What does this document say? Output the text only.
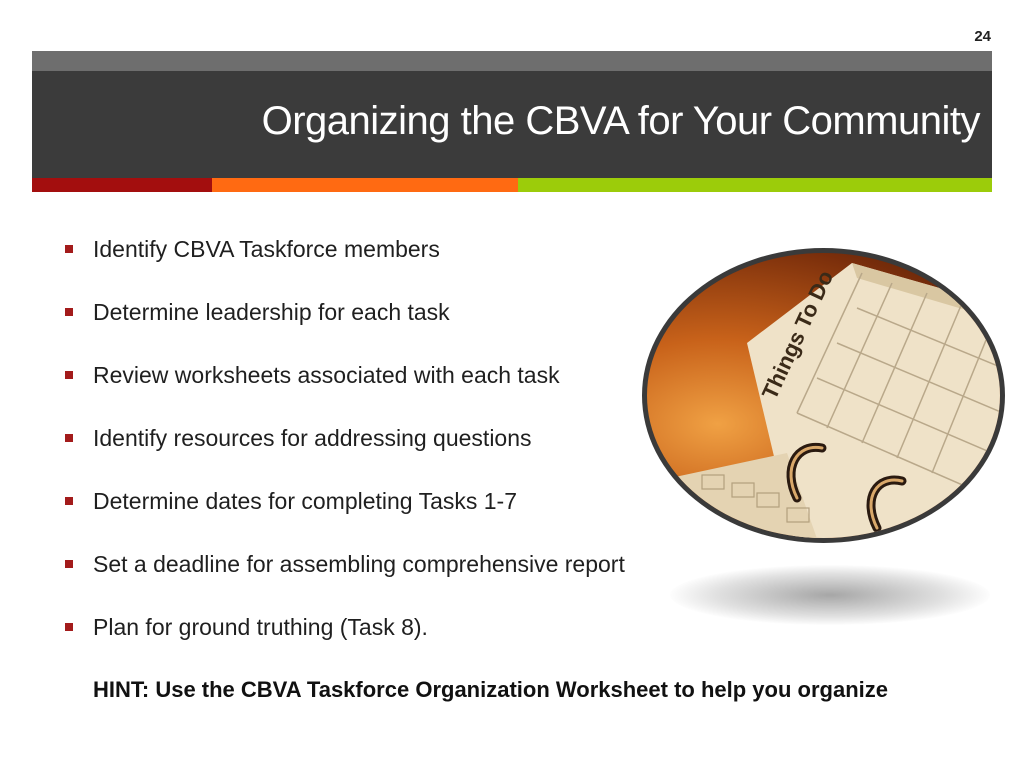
24
Organizing the CBVA for Your Community
Identify CBVA Taskforce members
Determine leadership for each task
Review worksheets associated with each task
Identify resources for addressing questions
Determine dates for completing Tasks 1-7
Set a deadline for assembling comprehensive report
Plan for ground truthing (Task 8).
HINT: Use the CBVA Taskforce Organization Worksheet to help you organize
Things To Do
